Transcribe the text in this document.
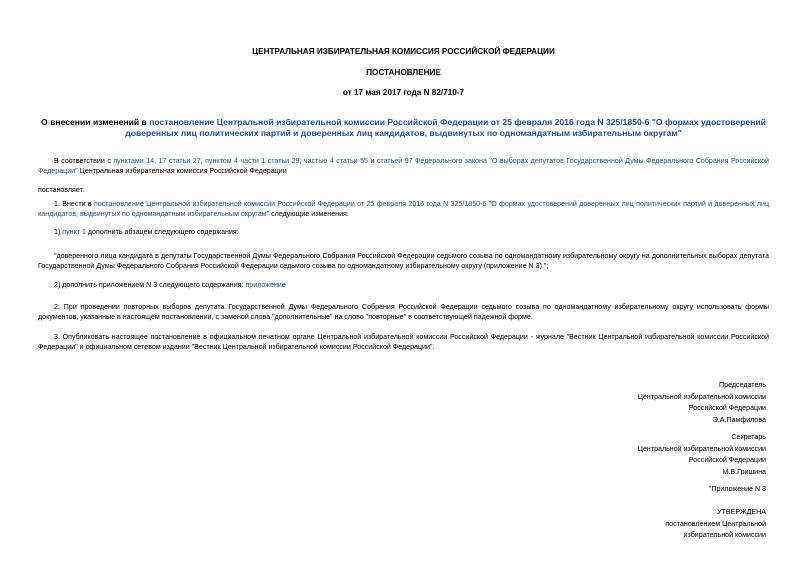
ЦЕНТРАЛЬНАЯ ИЗБИРАТЕЛЬНАЯ КОМИССИЯ РОССИЙСКОЙ ФЕДЕРАЦИИ
ПОСТАНОВЛЕНИЕ
от 17 мая 2017 года N 82/710-7
О внесении изменений в постановление Центральной избирательной комиссии Российской Федерации от 25 февраля 2016 года N 325/1850-6 "О формах удостоверений доверенных лиц политических партий и доверенных лиц кандидатов, выдвинутых по одномандатным избирательным округам"
В соответствии с пунктами 14, 17 статьи 27, пунктом 4 части 1 статьи 29, частью 4 статьи 55 и статьей 97 Федерального закона "О выборах депутатов Государственной Думы Федерального Собрания Российской Федерации" Центральная избирательная комиссия Российской Федерации
постановляет:
1. Внести в постановление Центральной избирательной комиссии Российской Федерации от 25 февраля 2016 года N 325/1850-6 "О формах удостоверений доверенных лиц политических партий и доверенных лиц кандидатов, выдвинутых по одномандатным избирательным округам" следующие изменения:
1) пункт 1 дополнить абзацем следующего содержания:
"доверенного лица кандидата в депутаты Государственной Думы Федерального Собрания Российской Федерации седьмого созыва по одномандатному избирательному округу на дополнительных выборах депутата Государственной Думы Федерального Собрания Российской Федерации седьмого созыва по одномандатному избирательному округу (приложение N 3).";
2) дополнить приложением N 3 следующего содержания: приложение
2. При проведении повторных выборов депутата Государственной Думы Федерального Собрания Российской Федерации седьмого созыва по одномандатному избирательному округу использовать формы документов, указанные в настоящем постановлении, с заменой слова "дополнительные" на слово "повторные" в соответствующей падежной форме.
3. Опубликовать настоящее постановление в официальном печатном органе Центральной избирательной комиссии Российской Федерации - журнале "Вестник Центральной избирательной комиссии Российской Федерации" и официальном сетевом издании "Вестник Центральной избирательной комиссии Российской Федерации".
Председатель
Центральной избирательной комиссии
Российской Федерации
Э.А.Памфилова
Секретарь
Центральной избирательной комиссии
Российской Федерации
М.В.Гришина
"Приложение N 3
УТВЕРЖДЕНА
постановлением Центральной
избирательной комиссии
